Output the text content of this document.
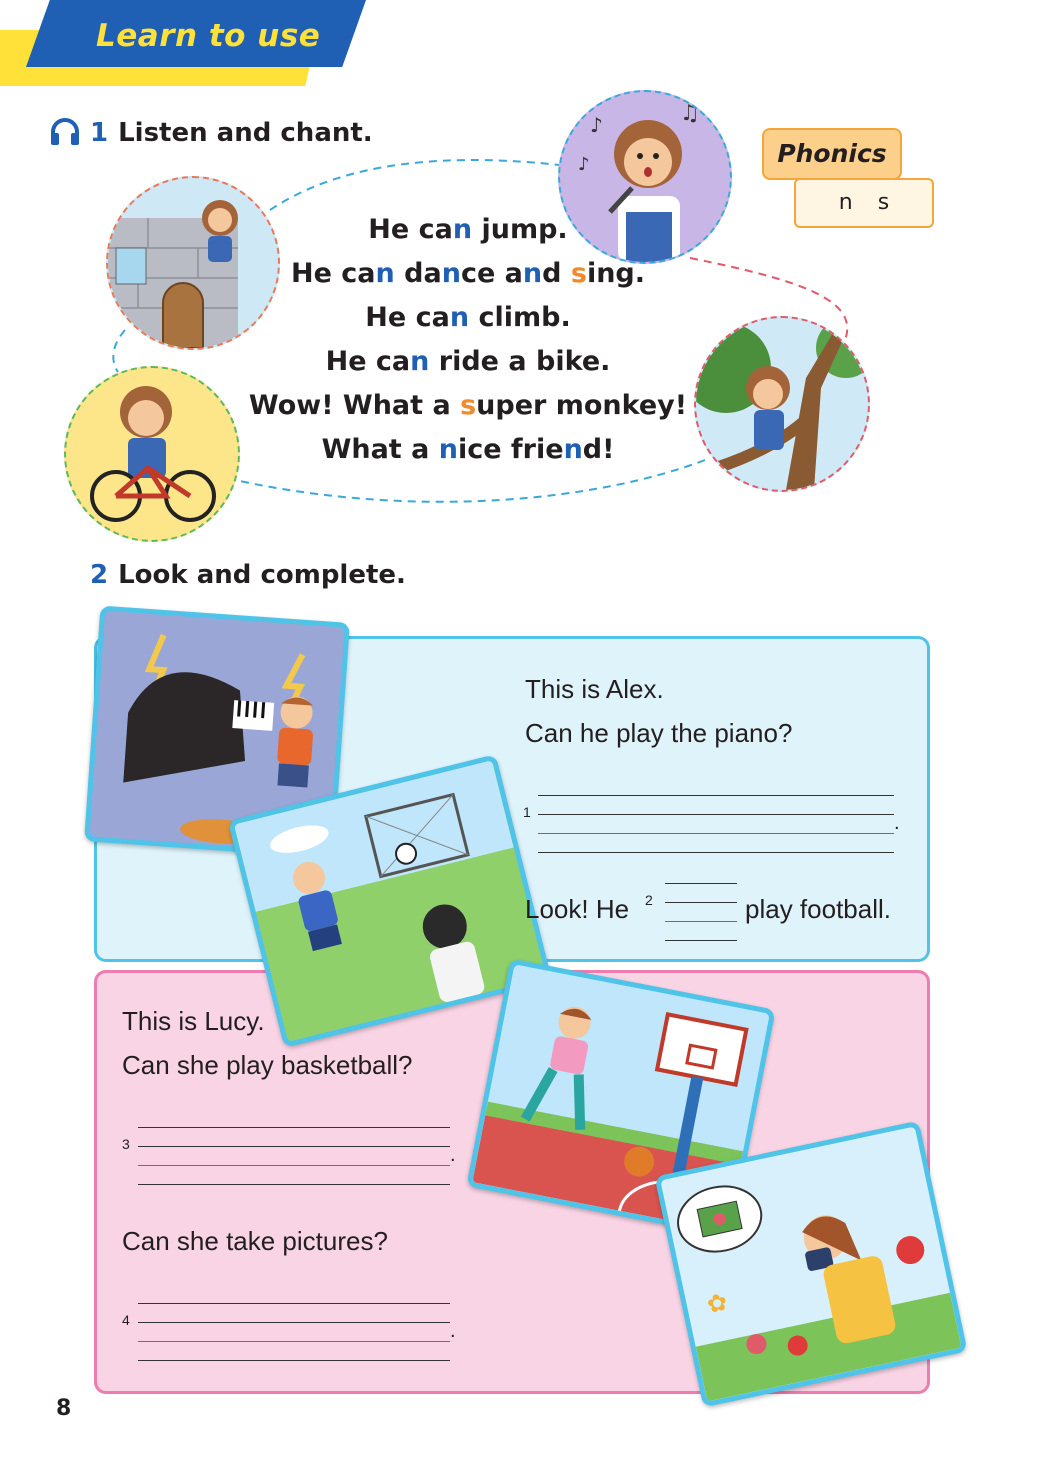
Learn to use
1 Listen and chant.	♪	♫
♪
He can jump.
He can dance and sing.
He can climb.
He can ride a bike.
Wow! What a super monkey!
What a nice friend!
n s
Phonics
2 Look and complete.
This is Alex.
Can he play the piano?
1	.
Look! He 2	play football.
This is Lucy.
Can she play basketball?
3	.
Can she take pictures?
4	.
✿
8
